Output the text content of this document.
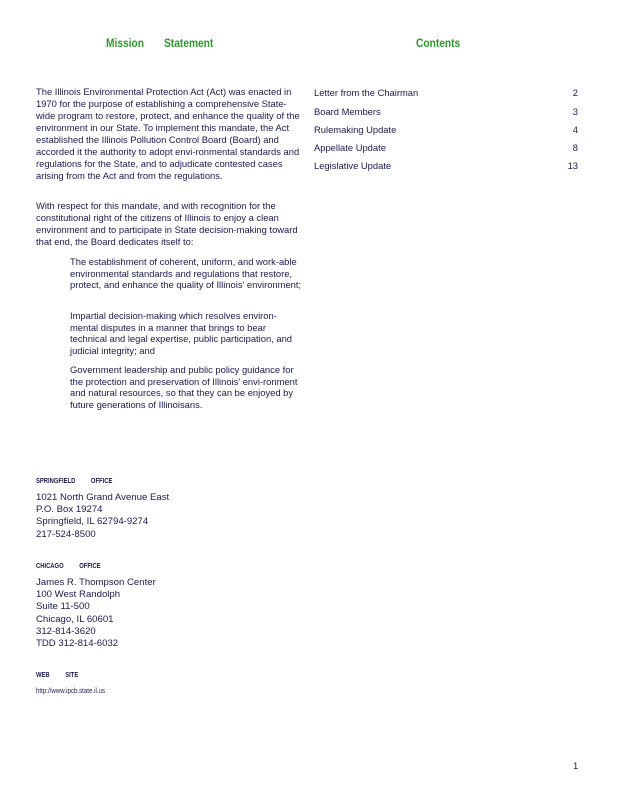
Mission Statement	Contents
The Illinois Environmental Protection Act (Act) was enacted in 1970 for the purpose of establishing a comprehensive State-wide program to restore, protect, and enhance the quality of the environment in our State. To implement this mandate, the Act established the Illinois Pollution Control Board (Board) and accorded it the authority to adopt envi-ronmental standards and regulations for the State, and to adjudicate contested cases arising from the Act and from the regulations.
With respect for this mandate, and with recognition for the constitutional right of the citizens of Illinois to enjoy a clean environment and to participate in State decision-making toward that end, the Board dedicates itself to:
The establishment of coherent, uniform, and work-able environmental standards and regulations that restore, protect, and enhance the quality of Illinois' environment;
Impartial decision-making which resolves environ-mental disputes in a manner that brings to bear technical and legal expertise, public participation, and judicial integrity; and
Government leadership and public policy guidance for the protection and preservation of Illinois' envi-ronment and natural resources, so that they can be enjoyed by future generations of Illinoisans.
Letter from the Chairman	2
Board Members	3
Rulemaking Update	4
Appellate Update	8
Legislative Update	13
SPRINGFIELD OFFICE
1021 North Grand Avenue East
P.O. Box 19274
Springfield, IL 62794-9274
217-524-8500
CHICAGO OFFICE
James R. Thompson Center
100 West Randolph
Suite 11-500
Chicago, IL 60601
312-814-3620
TDD 312-814-6032
WEB SITE
http://www.ipcb.state.il.us
1
